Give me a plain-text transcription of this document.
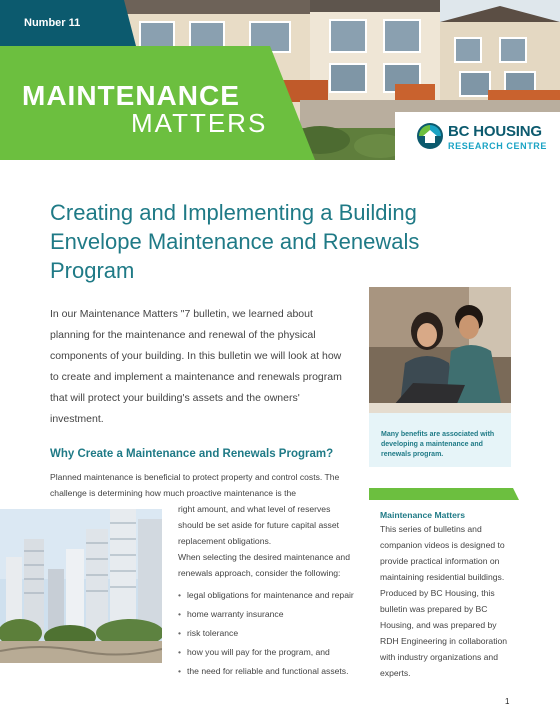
Number 11
MAINTENANCE
MATTERS	BC HOUSING
RESEARCH CENTRE
Creating and Implementing a Building Envelope Maintenance and Renewals Program

In our Maintenance Matters "7 bulletin, we learned about planning for the maintenance and renewal of the physical components of your building. In this bulletin we will look at how to create and implement a maintenance and renewals program that will protect your building's assets and the owners' investment.

Many benefits are associated with developing a maintenance and renewals program.

Why Create a Maintenance and Renewals Program?

Planned maintenance is beneficial to protect property and control costs. The challenge is determining how much proactive maintenance is the

right amount, and what level of reserves should be set aside for future capital asset replacement obligations.

When selecting the desired maintenance and renewals approach, consider the following:

• legal obligations for maintenance and repair
• home warranty insurance
• risk tolerance
• how you will pay for the program, and
• the need for reliable and functional assets.
Maintenance Matters

This series of bulletins and companion videos is designed to provide practical information on maintaining residential buildings. Produced by BC Housing, this bulletin was prepared by BC Housing, and was prepared by RDH Engineering in collaboration with industry organizations and experts.

1
